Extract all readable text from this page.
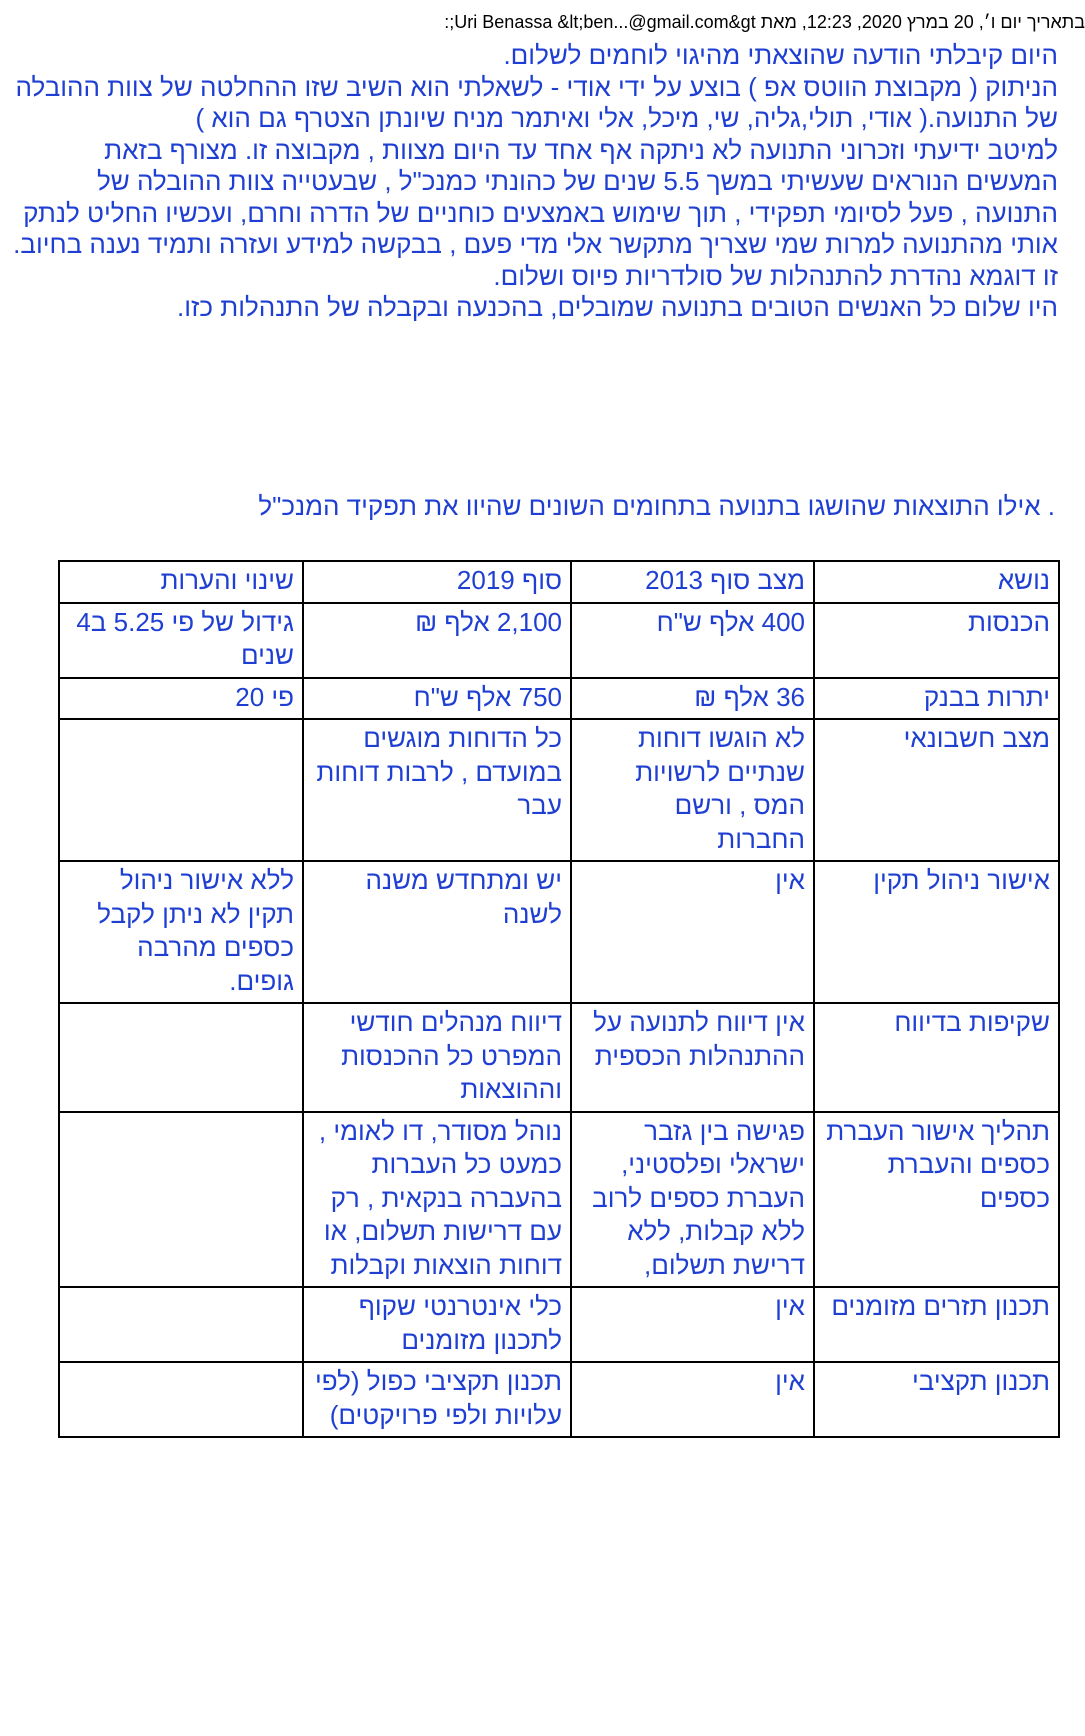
‫בתאריך יום ו׳, 20 במרץ 2020, 12:23, מאת Uri Benassa &lt;ben...@gmail.com&gt;:‬

היום קיבלתי הודעה שהוצאתי מהיגוי לוחמים לשלום.

הניתוק ( מקבוצת הווטס אפ ) בוצע על ידי אודי - לשאלתי הוא השיב שזו ההחלטה של צוות ההובלה של התנועה.( אודי, תולי,גליה, שי, מיכל, אלי ואיתמר מניח שיונתן הצטרף גם הוא )

למיטב ידיעתי וזכרוני התנועה לא ניתקה אף אחד עד היום מצוות , מקבוצה זו. מצורף בזאת המעשים הנוראים שעשיתי במשך 5.5 שנים של כהונתי כמנכ"ל , שבעטייה צוות ההובלה של התנועה , פעל לסיומי תפקידי , תוך שימוש באמצעים כוחניים של הדרה וחרם, ועכשיו החליט לנתק אותי מהתנועה למרות שמי שצריך מתקשר אלי מדי פעם , בבקשה למידע ועזרה ותמיד נענה בחיוב. זו דוגמא נהדרת להתנהלות של סולדריות פיוס ושלום.

היו שלום כל האנשים הטובים בתנועה שמובלים, בהכנעה ובקבלה של התנהלות כזו.

. אילו התוצאות שהושגו בתנועה בתחומים השונים שהיוו את תפקיד המנכ"ל
נושא	מצב סוף 2013	סוף 2019	שינוי והערות
הכנסות	400 אלף ש"ח	2,100 אלף ₪	גידול של פי 5.25 ב4 שנים
יתרות בבנק	36 אלף ₪	750 אלף ש"ח	פי 20
מצב חשבונאי	לא הוגשו דוחות שנתיים לרשויות המס , ורשם החברות	כל הדוחות מוגשים במועדם , לרבות דוחות עבר	
אישור ניהול תקין	אין	יש ומתחדש משנה לשנה	ללא אישור ניהול תקין לא ניתן לקבל כספים מהרבה גופים.
שקיפות בדיווח	אין דיווח לתנועה על ההתנהלות הכספית	דיווח מנהלים חודשי המפרט כל ההכנסות וההוצאות	
תהליך אישור העברת כספים והעברת כספים	פגישה בין גזבר ישראלי ופלסטיני, העברת כספים לרוב ללא קבלות, ללא דרישת תשלום,	נוהל מסודר, דו לאומי , כמעט כל העברות בהעברה בנקאית , רק עם דרישות תשלום, או דוחות הוצאות וקבלות	
תכנון תזרים מזומנים	אין	כלי אינטרנטי שקוף לתכנון מזומנים	
תכנון תקציבי	אין	תכנון תקציבי כפול (לפי עלויות ולפי פרויקטים)	
